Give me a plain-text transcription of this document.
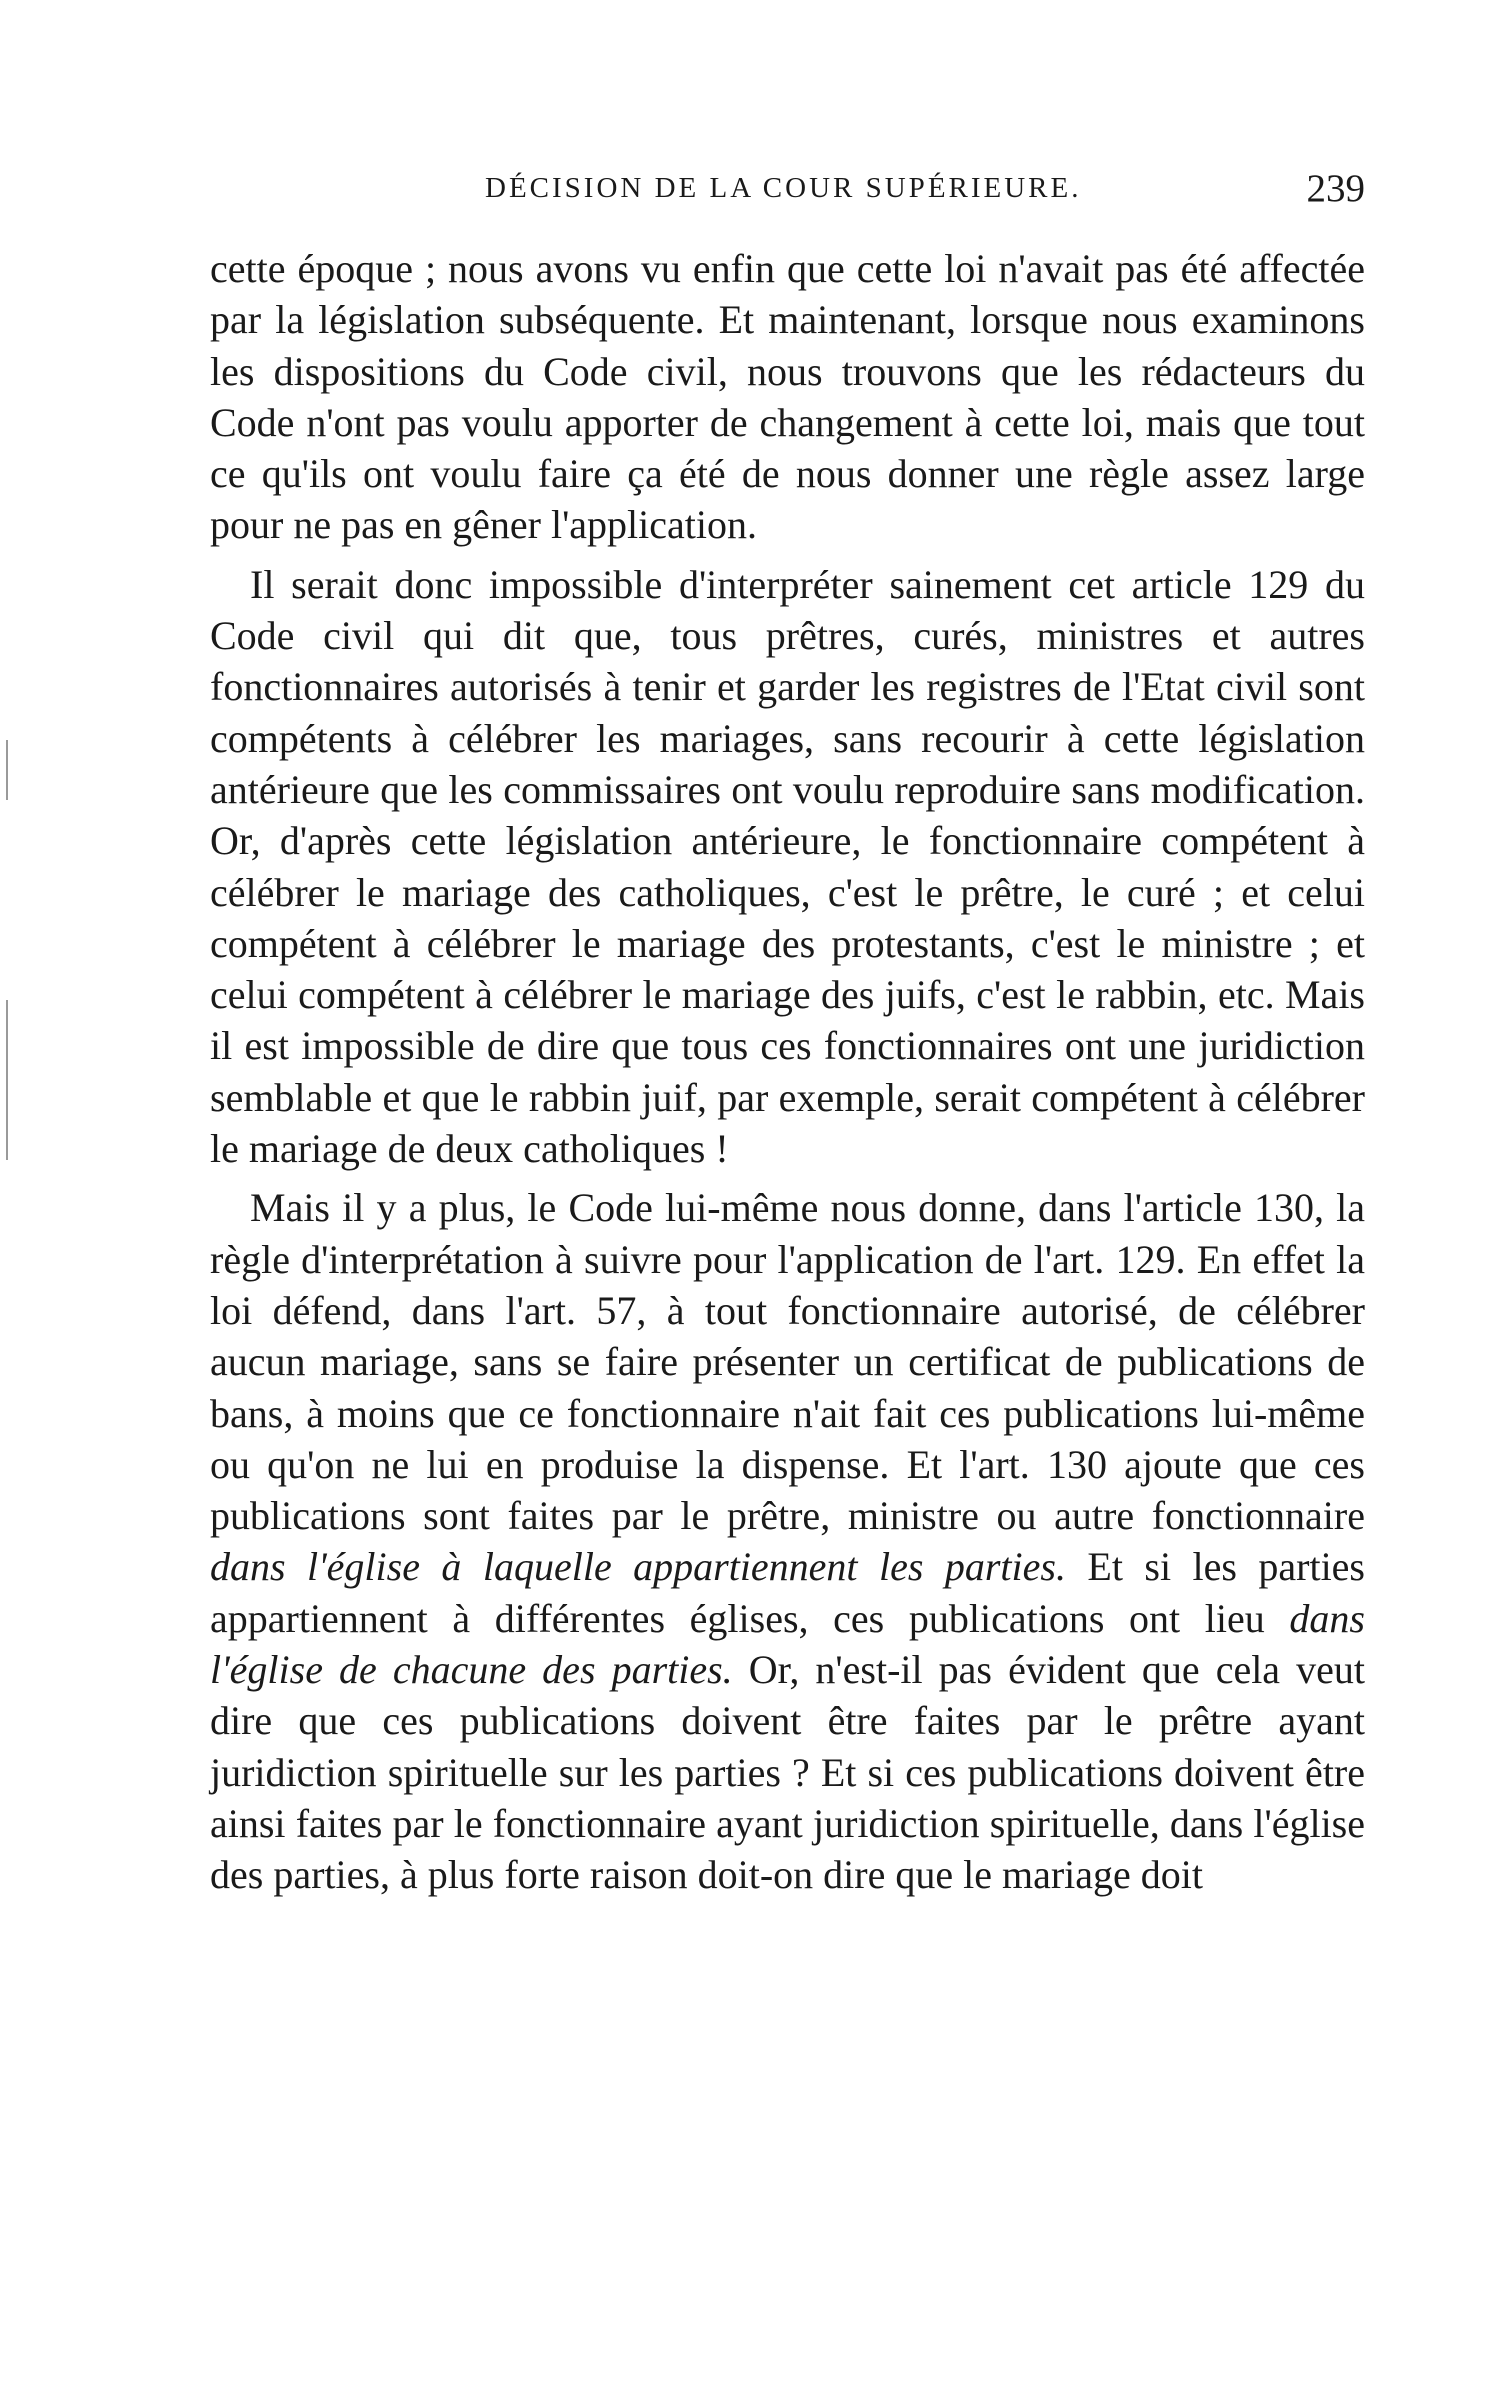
DÉCISION DE LA COUR SUPÉRIEURE.	239

cette époque ; nous avons vu enfin que cette loi n'avait pas été affectée par la législation subséquente. Et maintenant, lorsque nous examinons les dispositions du Code civil, nous trouvons que les rédacteurs du Code n'ont pas voulu apporter de changement à cette loi, mais que tout ce qu'ils ont voulu faire ça été de nous donner une règle assez large pour ne pas en gêner l'application.

Il serait donc impossible d'interpréter sainement cet article 129 du Code civil qui dit que, tous prêtres, curés, ministres et autres fonctionnaires autorisés à tenir et garder les registres de l'Etat civil sont compétents à célébrer les mariages, sans recourir à cette législation antérieure que les commissaires ont voulu reproduire sans modification. Or, d'après cette législation antérieure, le fonctionnaire compétent à célébrer le mariage des catholiques, c'est le prêtre, le curé ; et celui compétent à célébrer le mariage des protestants, c'est le ministre ; et celui compétent à célébrer le mariage des juifs, c'est le rabbin, etc. Mais il est impossible de dire que tous ces fonctionnaires ont une juridiction semblable et que le rabbin juif, par exemple, serait compétent à célébrer le mariage de deux catholiques !

Mais il y a plus, le Code lui-même nous donne, dans l'article 130, la règle d'interprétation à suivre pour l'application de l'art. 129. En effet la loi défend, dans l'art. 57, à tout fonctionnaire autorisé, de célébrer aucun mariage, sans se faire présenter un certificat de publications de bans, à moins que ce fonctionnaire n'ait fait ces publications lui-même ou qu'on ne lui en produise la dispense. Et l'art. 130 ajoute que ces publications sont faites par le prêtre, ministre ou autre fonctionnaire dans l'église à laquelle appartiennent les parties. Et si les parties appartiennent à différentes églises, ces publications ont lieu dans l'église de chacune des parties. Or, n'est-il pas évident que cela veut dire que ces publications doivent être faites par le prêtre ayant juridiction spirituelle sur les parties ? Et si ces publications doivent être ainsi faites par le fonctionnaire ayant juridiction spirituelle, dans l'église des parties, à plus forte raison doit-on dire que le mariage doit
